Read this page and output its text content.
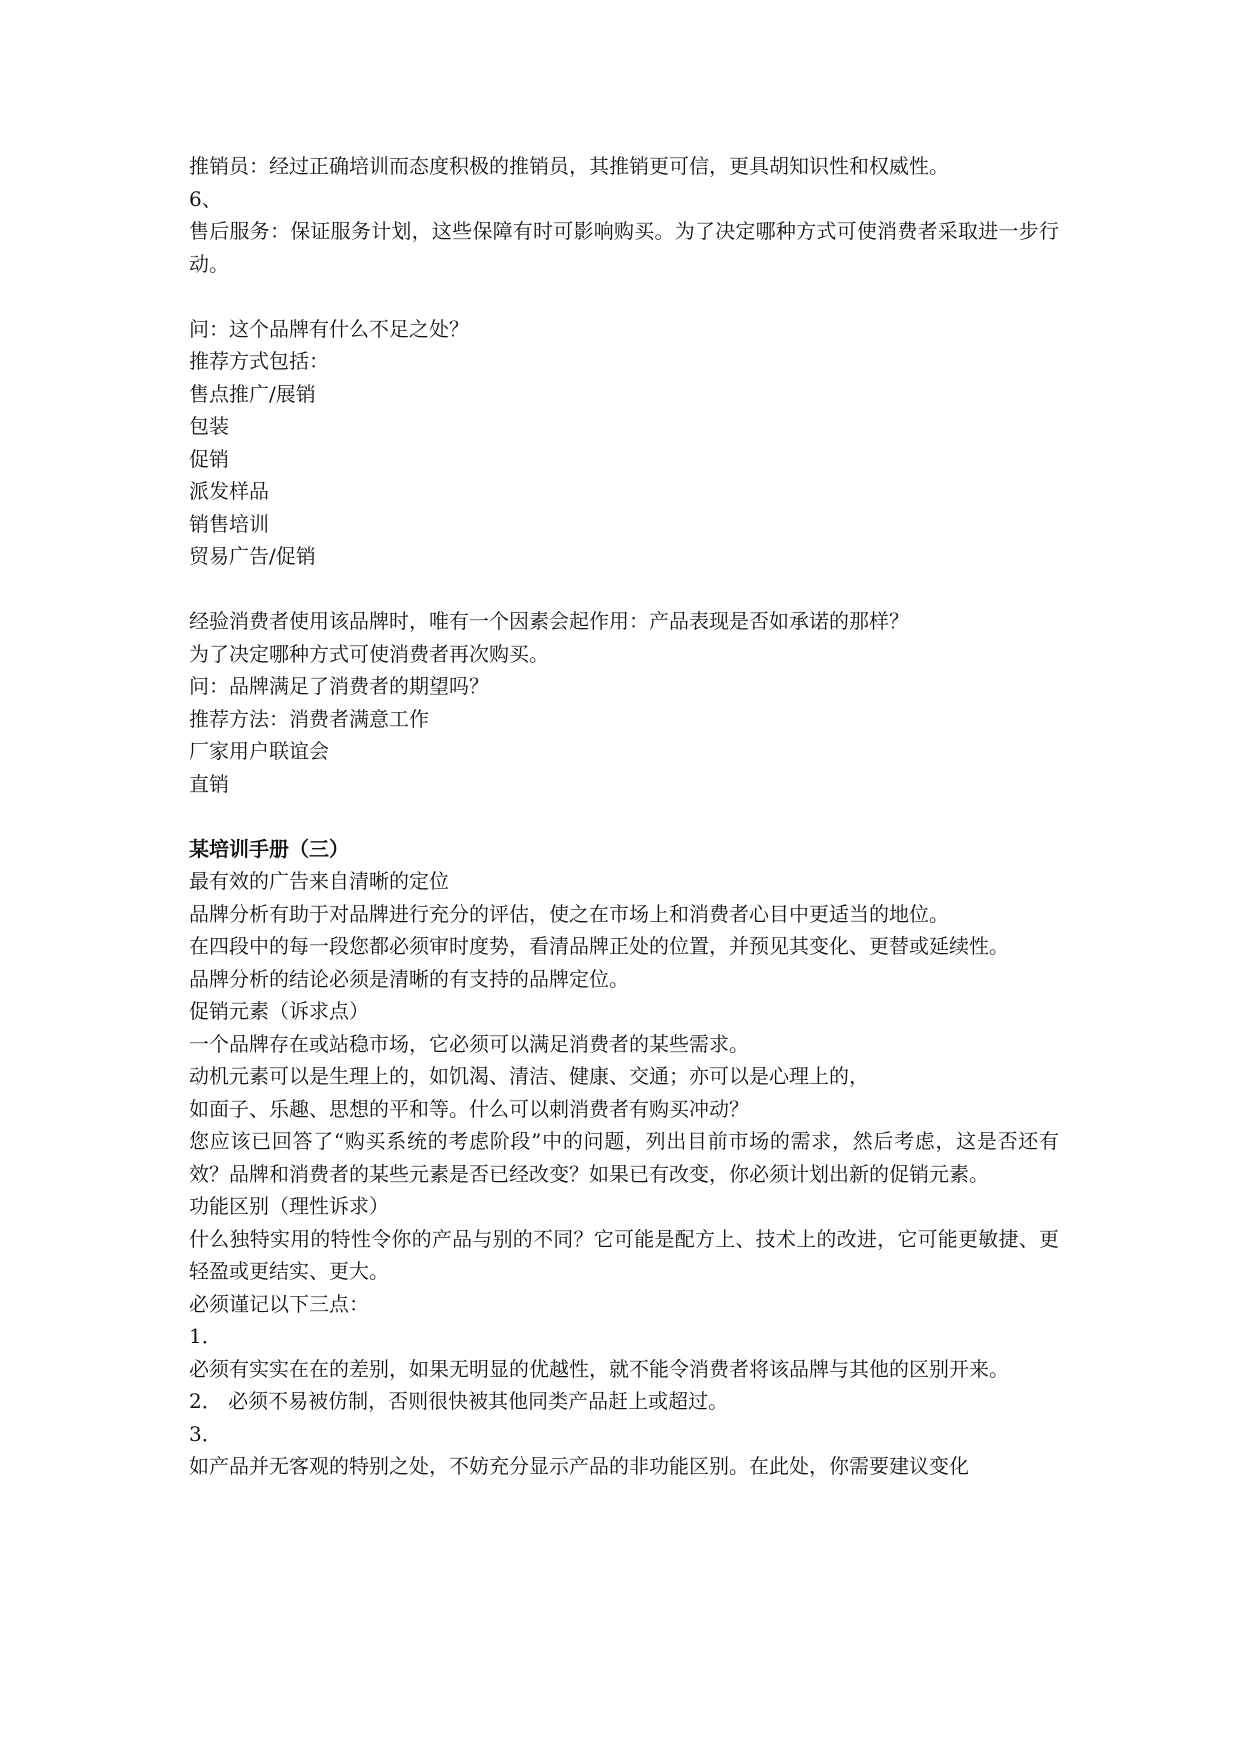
推销员：经过正确培训而态度积极的推销员，其推销更可信，更具胡知识性和权威性。
6、
售后服务：保证服务计划，这些保障有时可影响购买。为了决定哪种方式可使消费者采取进一步行动。
问：这个品牌有什么不足之处？
推荐方式包括：
售点推广/展销
包装
促销
派发样品
销售培训
贸易广告/促销
经验消费者使用该品牌时，唯有一个因素会起作用：产品表现是否如承诺的那样？
为了决定哪种方式可使消费者再次购买。
问：品牌满足了消费者的期望吗？
推荐方法：消费者满意工作
厂家用户联谊会
直销
某培训手册（三）
最有效的广告来自清晰的定位
品牌分析有助于对品牌进行充分的评估，使之在市场上和消费者心目中更适当的地位。
在四段中的每一段您都必须审时度势，看清品牌正处的位置，并预见其变化、更替或延续性。
品牌分析的结论必须是清晰的有支持的品牌定位。
促销元素（诉求点）
一个品牌存在或站稳市场，它必须可以满足消费者的某些需求。
动机元素可以是生理上的，如饥渴、清洁、健康、交通；亦可以是心理上的，
如面子、乐趣、思想的平和等。什么可以刺消费者有购买冲动？
您应该已回答了“购买系统的考虑阶段”中的问题，列出目前市场的需求，然后考虑，这是否还有效？品牌和消费者的某些元素是否已经改变？如果已有改变，你必须计划出新的促销元素。
功能区别（理性诉求）
什么独特实用的特性令你的产品与别的不同？它可能是配方上、技术上的改进，它可能更敏捷、更轻盈或更结实、更大。
必须谨记以下三点：
1．
必须有实实在在的差别，如果无明显的优越性，就不能令消费者将该品牌与其他的区别开来。
2． 必须不易被仿制，否则很快被其他同类产品赶上或超过。
3．
如产品并无客观的特别之处，不妨充分显示产品的非功能区别。在此处，你需要建议变化
